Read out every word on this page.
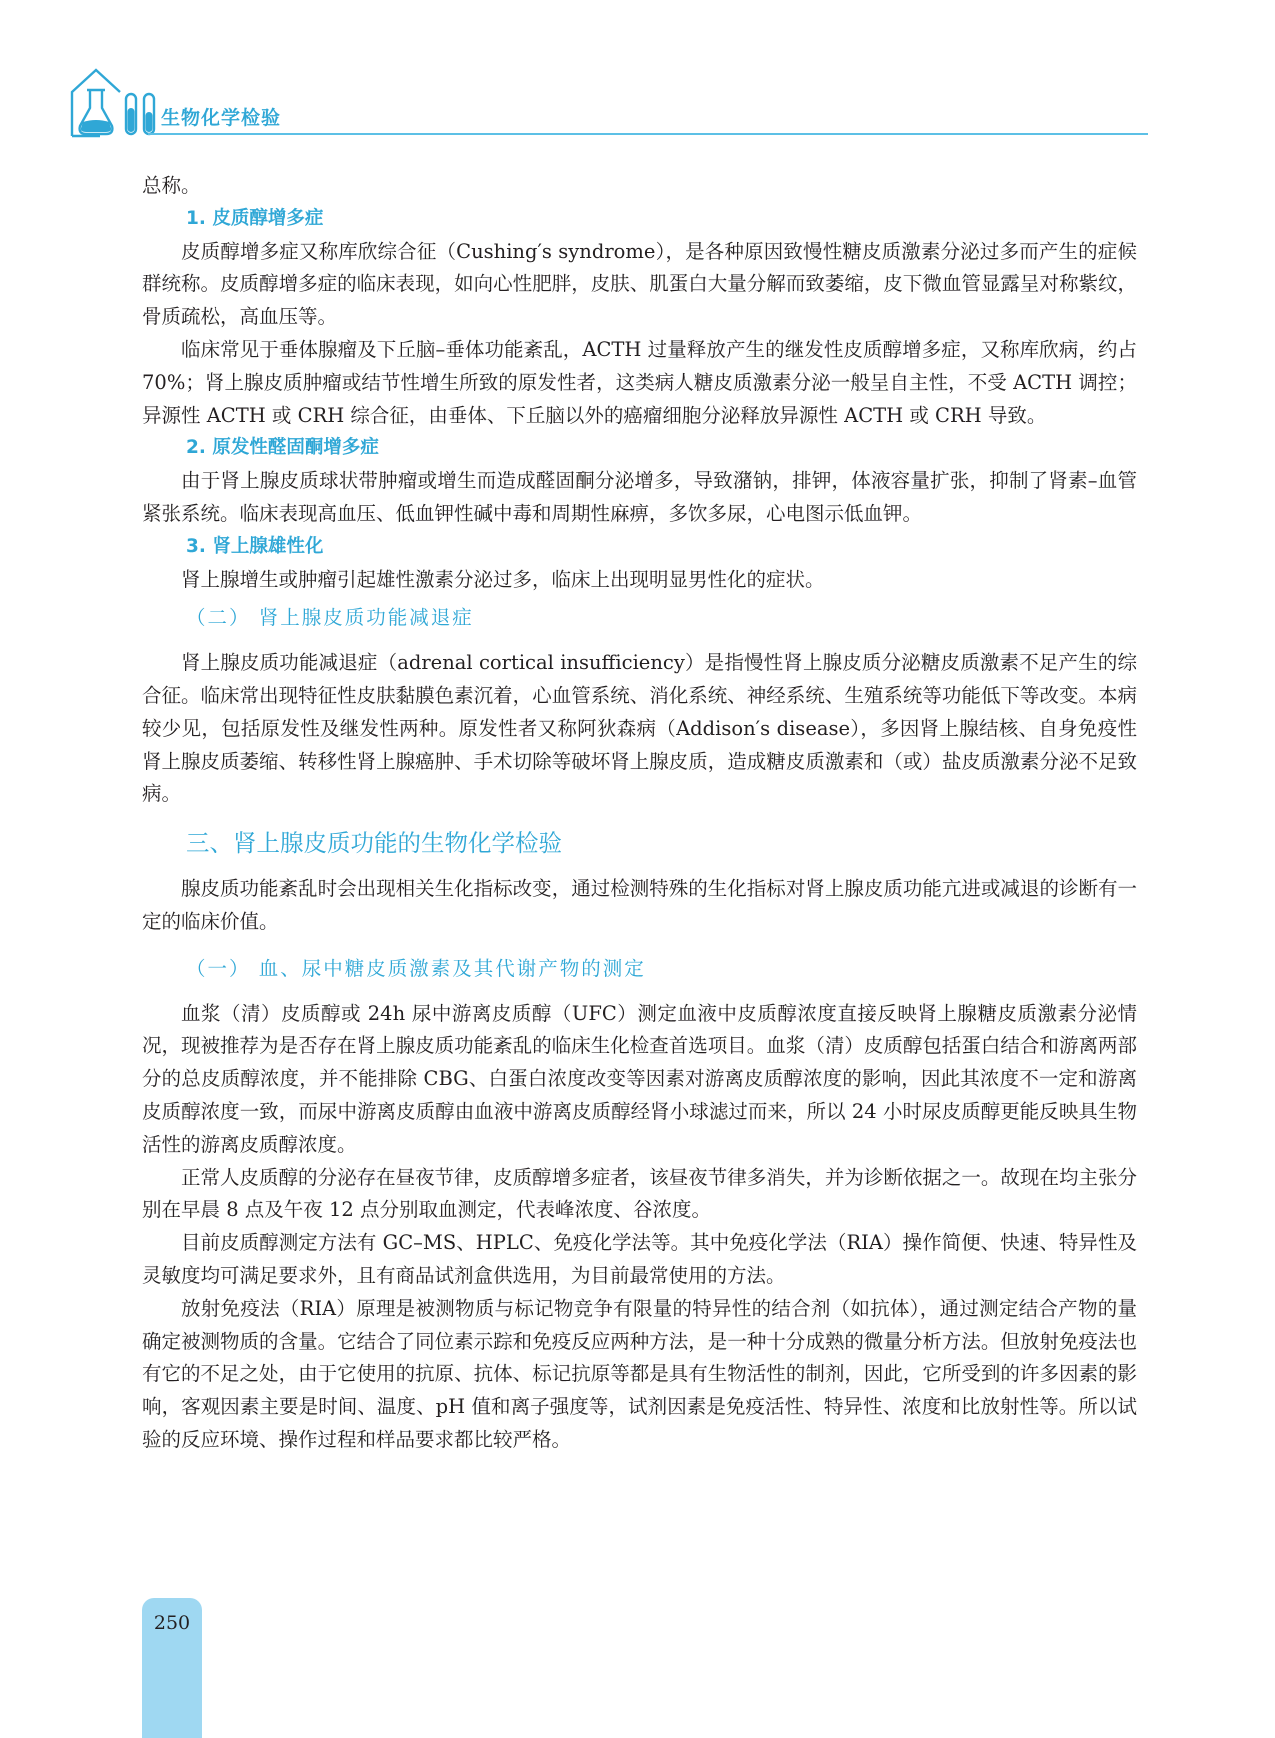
生物化学检验

总称。

1. 皮质醇增多症

皮质醇增多症又称库欣综合征（Cushing′s syndrome），是各种原因致慢性糖皮质激素分泌过多而产生的症候群统称。皮质醇增多症的临床表现，如向心性肥胖，皮肤、肌蛋白大量分解而致萎缩，皮下微血管显露呈对称紫纹，骨质疏松，高血压等。

临床常见于垂体腺瘤及下丘脑–垂体功能紊乱，ACTH 过量释放产生的继发性皮质醇增多症，又称库欣病，约占 70%；肾上腺皮质肿瘤或结节性增生所致的原发性者，这类病人糖皮质激素分泌一般呈自主性，不受 ACTH 调控；异源性 ACTH 或 CRH 综合征，由垂体、下丘脑以外的癌瘤细胞分泌释放异源性 ACTH 或 CRH 导致。

2. 原发性醛固酮增多症

由于肾上腺皮质球状带肿瘤或增生而造成醛固酮分泌增多，导致潴钠，排钾，体液容量扩张，抑制了肾素–血管紧张系统。临床表现高血压、低血钾性碱中毒和周期性麻痹，多饮多尿，心电图示低血钾。

3. 肾上腺雄性化

肾上腺增生或肿瘤引起雄性激素分泌过多，临床上出现明显男性化的症状。

（二） 肾上腺皮质功能减退症

肾上腺皮质功能减退症（adrenal cortical insufficiency）是指慢性肾上腺皮质分泌糖皮质激素不足产生的综合征。临床常出现特征性皮肤黏膜色素沉着，心血管系统、消化系统、神经系统、生殖系统等功能低下等改变。本病较少见，包括原发性及继发性两种。原发性者又称阿狄森病（Addison′s disease），多因肾上腺结核、自身免疫性肾上腺皮质萎缩、转移性肾上腺癌肿、手术切除等破坏肾上腺皮质，造成糖皮质激素和（或）盐皮质激素分泌不足致病。

三、肾上腺皮质功能的生物化学检验

腺皮质功能紊乱时会出现相关生化指标改变，通过检测特殊的生化指标对肾上腺皮质功能亢进或减退的诊断有一定的临床价值。

（一） 血、尿中糖皮质激素及其代谢产物的测定

血浆（清）皮质醇或 24h 尿中游离皮质醇（UFC）测定血液中皮质醇浓度直接反映肾上腺糖皮质激素分泌情况，现被推荐为是否存在肾上腺皮质功能紊乱的临床生化检查首选项目。血浆（清）皮质醇包括蛋白结合和游离两部分的总皮质醇浓度，并不能排除 CBG、白蛋白浓度改变等因素对游离皮质醇浓度的影响，因此其浓度不一定和游离皮质醇浓度一致，而尿中游离皮质醇由血液中游离皮质醇经肾小球滤过而来，所以 24 小时尿皮质醇更能反映具生物活性的游离皮质醇浓度。

正常人皮质醇的分泌存在昼夜节律，皮质醇增多症者，该昼夜节律多消失，并为诊断依据之一。故现在均主张分别在早晨 8 点及午夜 12 点分别取血测定，代表峰浓度、谷浓度。

目前皮质醇测定方法有 GC–MS、HPLC、免疫化学法等。其中免疫化学法（RIA）操作简便、快速、特异性及灵敏度均可满足要求外，且有商品试剂盒供选用，为目前最常使用的方法。

放射免疫法（RIA）原理是被测物质与标记物竞争有限量的特异性的结合剂（如抗体），通过测定结合产物的量确定被测物质的含量。它结合了同位素示踪和免疫反应两种方法，是一种十分成熟的微量分析方法。但放射免疫法也有它的不足之处，由于它使用的抗原、抗体、标记抗原等都是具有生物活性的制剂，因此，它所受到的许多因素的影响，客观因素主要是时间、温度、pH 值和离子强度等，试剂因素是免疫活性、特异性、浓度和比放射性等。所以试验的反应环境、操作过程和样品要求都比较严格。

250
